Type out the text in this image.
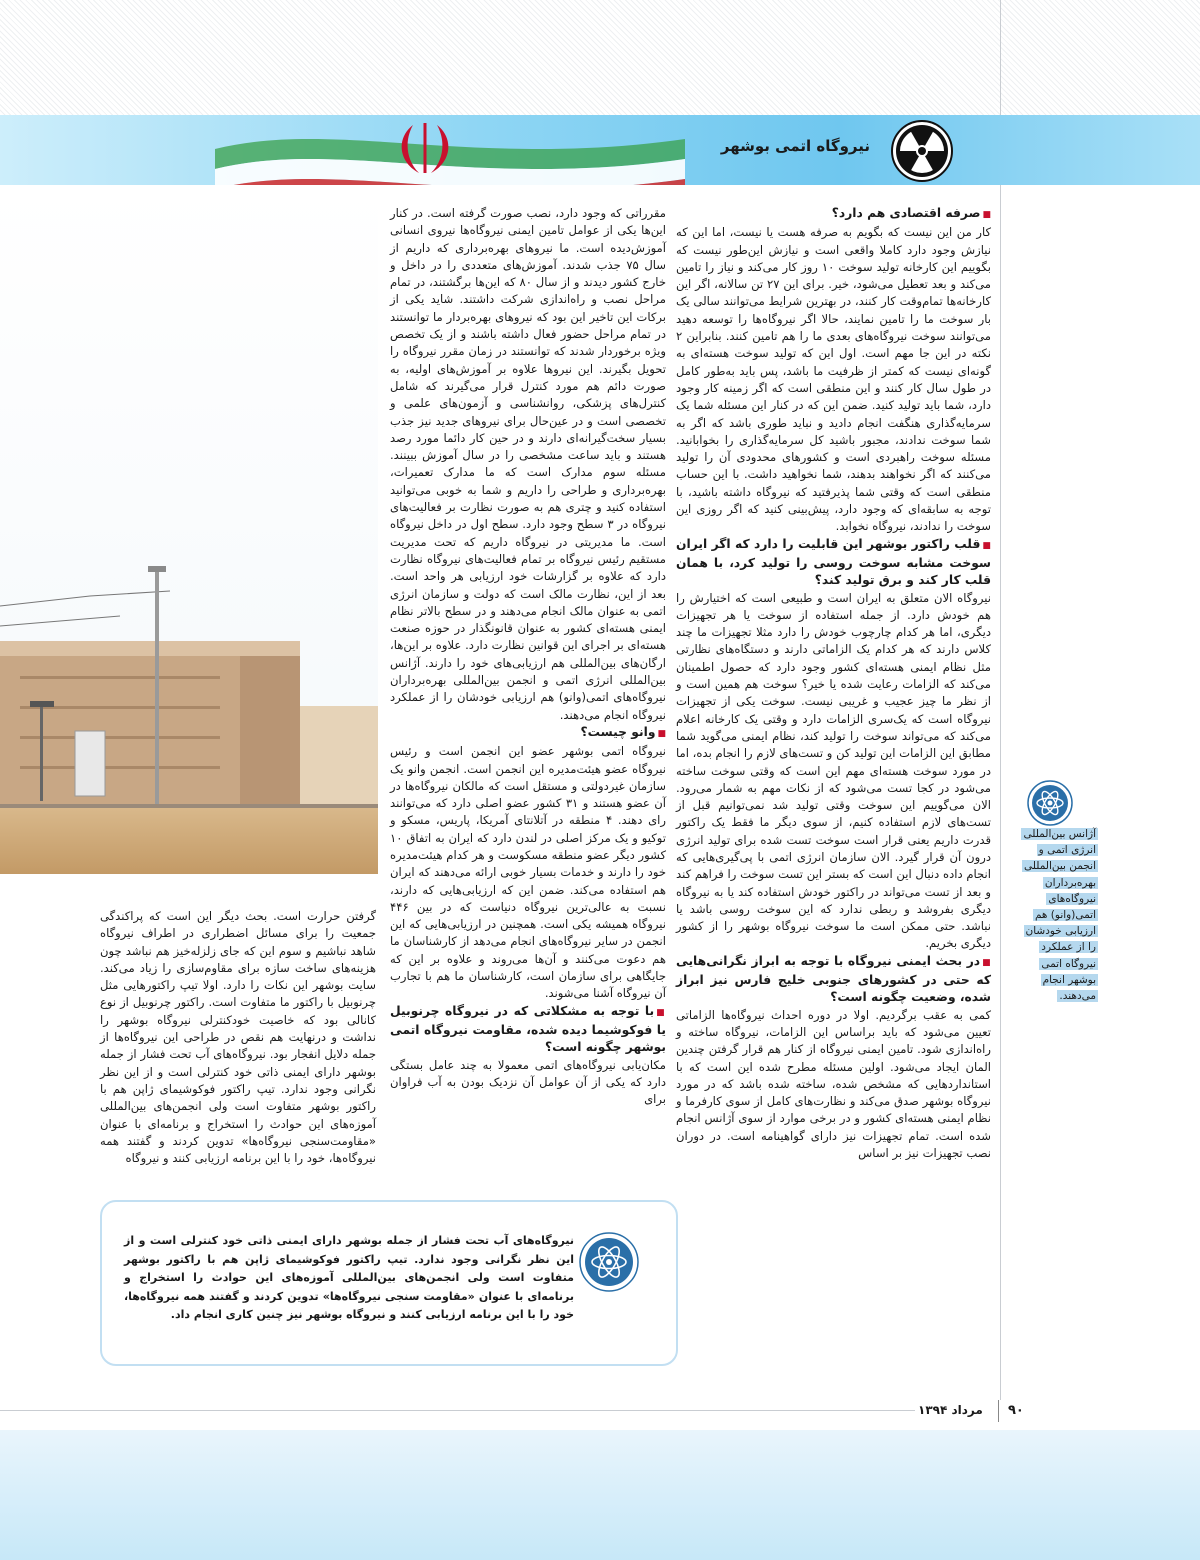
نیروگاه اتمی بوشهر
■ صرفه اقتصادی هم دارد؟

کار من این نیست که بگویم به صرفه هست یا نیست، اما این که نیازش وجود دارد کاملا واقعی است و نیازش این‌طور نیست که بگوییم این کارخانه تولید سوخت ۱۰ روز کار می‌کند و نیاز را تامین می‌کند و بعد تعطیل می‌شود، خیر. برای این ۲۷ تن سالانه، اگر این کارخانه‌ها تمام‌وقت کار کنند، در بهترین شرایط می‌توانند سالی یک بار سوخت ما را تامین نمایند، حالا اگر نیروگاه‌ها را توسعه دهید می‌توانند سوخت نیروگاه‌های بعدی ما را هم تامین کنند. بنابراین ۲ نکته در این جا مهم است. اول این که تولید سوخت هسته‌ای به گونه‌ای نیست که کمتر از ظرفیت ما باشد، پس باید به‌طور کامل در طول سال کار کنند و این منطقی است که اگر زمینه کار وجود دارد، شما باید تولید کنید. ضمن این که در کنار این مسئله شما یک سرمایه‌گذاری هنگفت انجام دادید و نباید طوری باشد که اگر به شما سوخت ندادند، مجبور باشید کل سرمایه‌گذاری را بخوابانید. مسئله سوخت راهبردی است و کشورهای محدودی آن را تولید می‌کنند که اگر نخواهند بدهند، شما نخواهید داشت. با این حساب منطقی است که وقتی شما پذیرفتید که نیروگاه داشته باشید، با توجه به سابقه‌ای که وجود دارد، پیش‌بینی کنید که اگر روزی این سوخت را ندادند، نیروگاه نخوابد.

■ قلب راکتور بوشهر این قابلیت را دارد که اگر ایران سوخت مشابه سوخت روسی را تولید کرد، با همان قلب کار کند و برق تولید کند؟

نیروگاه الان متعلق به ایران است و طبیعی است که اختیارش را هم خودش دارد. از جمله استفاده از سوخت یا هر تجهیزات دیگری، اما هر کدام چارچوب خودش را دارد مثلا تجهیزات ما چند کلاس دارند که هر کدام یک الزاماتی دارند و دستگاه‌های نظارتی مثل نظام ایمنی هسته‌ای کشور وجود دارد که حصول اطمینان می‌کند که الزامات رعایت شده یا خیر؟ سوخت هم همین است و از نظر ما چیز عجیب و غریبی نیست. سوخت یکی از تجهیزات نیروگاه است که یک‌سری الزامات دارد و وقتی یک کارخانه اعلام می‌کند که می‌تواند سوخت را تولید کند، نظام ایمنی می‌گوید شما مطابق این الزامات این تولید کن و تست‌های لازم را انجام بده، اما در مورد سوخت هسته‌ای مهم این است که وقتی سوخت ساخته می‌شود در کجا تست می‌شود که از نکات مهم به شمار می‌رود. الان می‌گوییم این سوخت وقتی تولید شد نمی‌توانیم قبل از تست‌های لازم استفاده کنیم، از سوی دیگر ما فقط یک راکتور قدرت داریم یعنی قرار است سوخت تست شده برای تولید انرژی درون آن قرار گیرد. الان سازمان انرژی اتمی با پی‌گیری‌هایی که انجام داده دنبال این است که بستر این تست سوخت را فراهم کند و بعد از تست می‌تواند در راکتور خودش استفاده کند یا به نیروگاه دیگری بفروشد و ربطی ندارد که این سوخت روسی باشد یا نباشد. حتی ممکن است ما سوخت نیروگاه بوشهر را از کشور دیگری بخریم.

■ در بحث ایمنی نیروگاه با توجه به ابراز نگرانی‌هایی که حتی در کشورهای جنوبی خلیج فارس نیز ابراز شده، وضعیت چگونه است؟

کمی به عقب برگردیم. اولا در دوره احداث نیروگاه‌ها الزاماتی تعیین می‌شود که باید براساس این الزامات، نیروگاه ساخته و راه‌اندازی شود. تامین ایمنی نیروگاه از کنار هم قرار گرفتن چندین المان ایجاد می‌شود. اولین مسئله مطرح شده این است که با استانداردهایی که مشخص شده، ساخته شده باشد که در مورد نیروگاه بوشهر صدق می‌کند و نظارت‌های کامل از سوی کارفرما و نظام ایمنی هسته‌ای کشور و در برخی موارد از سوی آژانس انجام شده است. تمام تجهیزات نیز دارای گواهینامه است. در دوران نصب تجهیزات نیز بر اساس

مقرراتی که وجود دارد، نصب صورت گرفته است. در کنار این‌ها یکی از عوامل تامین ایمنی نیروگاه‌ها نیروی انسانی آموزش‌دیده است. ما نیروهای بهره‌برداری که داریم از سال ۷۵ جذب شدند. آموزش‌های متعددی را در داخل و خارج کشور دیدند و از سال ۸۰ که این‌ها برگشتند، در تمام مراحل نصب و راه‌اندازی شرکت داشتند. شاید یکی از برکات این تاخیر این بود که نیروهای بهره‌بردار ما توانستند در تمام مراحل حضور فعال داشته باشند و از یک تخصص ویژه برخوردار شدند که توانستند در زمان مقرر نیروگاه را تحویل بگیرند. این نیروها علاوه بر آموزش‌های اولیه، به صورت دائم هم مورد کنترل قرار می‌گیرند که شامل کنترل‌های پزشکی، روانشناسی و آزمون‌های علمی و تخصصی است و در عین‌حال برای نیروهای جدید نیز جذب بسیار سخت‌گیرانه‌ای دارند و در حین کار دائما مورد رصد هستند و باید ساعت مشخصی را در سال آموزش ببینند. مسئله سوم مدارک است که ما مدارک تعمیرات، بهره‌برداری و طراحی را داریم و شما به خوبی می‌توانید استفاده کنید و چتری هم به صورت نظارت بر فعالیت‌های نیروگاه در ۳ سطح وجود دارد. سطح اول در داخل نیروگاه است. ما مدیریتی در نیروگاه داریم که تحت مدیریت مستقیم رئیس نیروگاه بر تمام فعالیت‌های نیروگاه نظارت دارد که علاوه بر گزارشات خود ارزیابی هر واحد است. بعد از این، نظارت مالک است که دولت و سازمان انرژی اتمی به عنوان مالک انجام می‌دهند و در سطح بالاتر نظام ایمنی هسته‌ای کشور به عنوان قانونگذار در حوزه صنعت هسته‌ای بر اجرای این قوانین نظارت دارد. علاوه بر این‌ها، ارگان‌های بین‌المللی هم ارزیابی‌های خود را دارند. آژانس بین‌المللی انرژی اتمی و انجمن بین‌المللی بهره‌برداران نیروگاه‌های اتمی(وانو) هم ارزیابی خودشان را از عملکرد نیروگاه انجام می‌دهند.

■ وانو چیست؟

نیروگاه اتمی بوشهر عضو این انجمن است و رئیس نیروگاه عضو هیئت‌مدیره این انجمن است. انجمن وانو یک سازمان غیردولتی و مستقل است که مالکان نیروگاه‌ها در آن عضو هستند و ۳۱ کشور عضو اصلی دارد که می‌توانند رای دهند. ۴ منطقه در آتلانتای آمریکا، پاریس، مسکو و توکیو و یک مرکز اصلی در لندن دارد که ایران به اتفاق ۱۰ کشور دیگر عضو منطقه مسکوست و هر کدام هیئت‌مدیره خود را دارند و خدمات بسیار خوبی ارائه می‌دهند که ایران هم استفاده می‌کند. ضمن این که ارزیابی‌هایی که دارند، نسبت به عالی‌ترین نیروگاه دنیاست که در بین ۴۴۶ نیروگاه همیشه یکی است. همچنین در ارزیابی‌هایی که این انجمن در سایر نیروگاه‌های انجام می‌دهد از کارشناسان ما هم دعوت می‌کنند و آن‌ها می‌روند و علاوه بر این که جایگاهی برای سازمان است، کارشناسان ما هم با تجارب آن نیروگاه آشنا می‌شوند.

■ با توجه به مشکلاتی که در نیروگاه چرنوبیل یا فوکوشیما دیده شده، مقاومت نیروگاه اتمی بوشهر چگونه است؟

مکان‌یابی نیروگاه‌های اتمی معمولا به چند عامل بستگی دارد که یکی از آن عوامل آن نزدیک بودن به آب فراوان برای

گرفتن حرارت است. بحث دیگر این است که پراکندگی جمعیت را برای مسائل اضطراری در اطراف نیروگاه شاهد نباشیم و سوم این که جای زلزله‌خیز هم نباشد چون هزینه‌های ساخت سازه برای مقاوم‌سازی را زیاد می‌کند. سایت بوشهر این نکات را دارد. اولا تیپ راکتورهایی مثل چرنوبیل با راکتور ما متفاوت است. راکتور چرنوبیل از نوع کانالی بود که خاصیت خودکنترلی نیروگاه بوشهر را نداشت و درنهایت هم نقص در طراحی این نیروگاه‌ها از جمله دلایل انفجار بود. نیروگاه‌های آب تحت فشار از جمله بوشهر دارای ایمنی ذاتی خود کنترلی است و از این نظر نگرانی وجود ندارد. تیپ راکتور فوکوشیمای ژاپن هم با راکتور بوشهر متفاوت است ولی انجمن‌های بین‌المللی آموزه‌های این حوادث را استخراج و برنامه‌ای با عنوان «مقاومت‌سنجی نیروگاه‌ها» تدوین کردند و گفتند همه نیروگاه‌ها، خود را با این برنامه ارزیابی کنند و نیروگاه

آژانس بین‌المللی انرژی اتمی و انجمن بین‌المللی بهره‌برداران نیروگاه‌های اتمی(وانو) هم ارزیابی خودشان را از عملکرد نیروگاه اتمی بوشهر انجام می‌دهند.
نیروگاه‌های آب تحت فشار از جمله بوشهر دارای ایمنی ذاتی خود کنترلی است و از این نظر نگرانی وجود ندارد. تیپ راکتور فوکوشیمای ژاپن هم با راکتور بوشهر متفاوت است ولی انجمن‌های بین‌المللی آموزه‌های این حوادث را استخراج و برنامه‌ای با عنوان «مقاومت سنجی نیروگاه‌ها» تدوین کردند و گفتند همه نیروگاه‌ها، خود را با این برنامه ارزیابی کنند و نیروگاه بوشهر نیز چنین کاری انجام داد.
مرداد ۱۳۹۴ ۹۰
